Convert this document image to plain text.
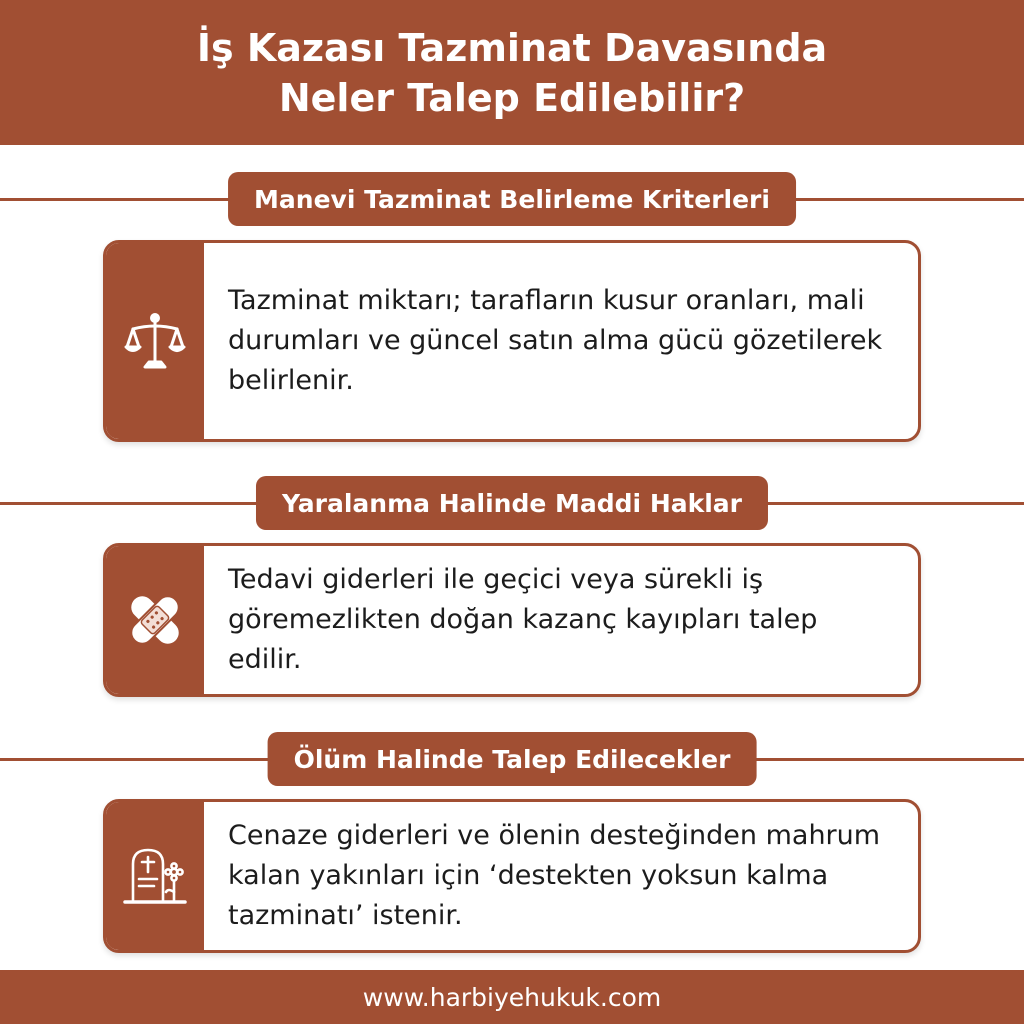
İş Kazası Tazminat Davasında
Neler Talep Edilebilir?
Manevi Tazminat Belirleme Kriterleri
Tazminat miktarı; tarafların kusur oranları, mali durumları ve güncel satın alma gücü gözetilerek belirlenir.
Yaralanma Halinde Maddi Haklar
Tedavi giderleri ile geçici veya sürekli iş göremezlikten doğan kazanç kayıpları talep edilir.
Ölüm Halinde Talep Edilecekler
Cenaze giderleri ve ölenin desteğinden mahrum kalan yakınları için ‘destekten yoksun kalma tazminatı’ istenir.
www.harbiyehukuk.com
